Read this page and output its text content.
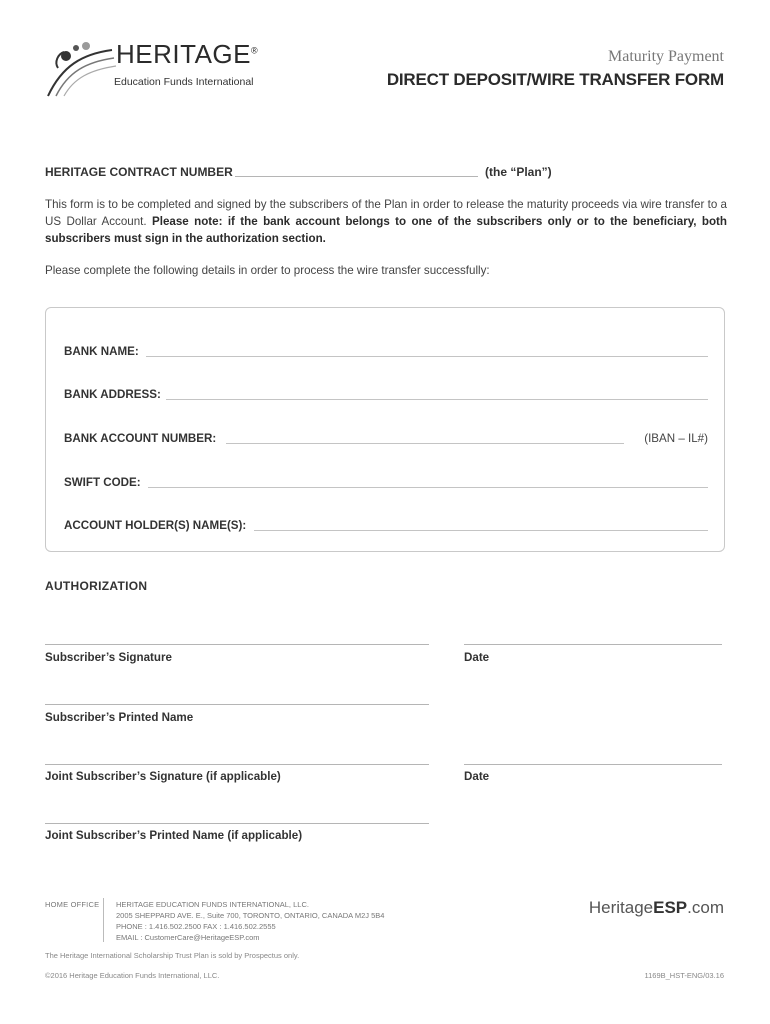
HERITAGE®
Education Funds International
Maturity Payment
DIRECT DEPOSIT/WIRE TRANSFER FORM
HERITAGE CONTRACT NUMBER	(the “Plan”)
This form is to be completed and signed by the subscribers of the Plan in order to release the maturity proceeds via wire transfer to a US Dollar Account. Please note: if the bank account belongs to one of the subscribers only or to the beneficiary, both subscribers must sign in the authorization section.
Please complete the following details in order to process the wire transfer successfully:
BANK NAME:
BANK ADDRESS:
BANK ACCOUNT NUMBER:	(IBAN – IL#)
SWIFT CODE:
ACCOUNT HOLDER(S) NAME(S):
AUTHORIZATION
Subscriber’s Signature	Date
Subscriber’s Printed Name
Joint Subscriber’s Signature (if applicable)	Date
Joint Subscriber’s Printed Name (if applicable)
HOME OFFICE HERITAGE EDUCATION FUNDS INTERNATIONAL, LLC.
2005 SHEPPARD AVE. E., Suite 700, TORONTO, ONTARIO, CANADA M2J 5B4
PHONE : 1.416.502.2500 FAX : 1.416.502.2555
EMAIL : CustomerCare@HeritageESP.com
HeritageESP.com
The Heritage International Scholarship Trust Plan is sold by Prospectus only.
©2016 Heritage Education Funds International, LLC.	1169B_HST-ENG/03.16
